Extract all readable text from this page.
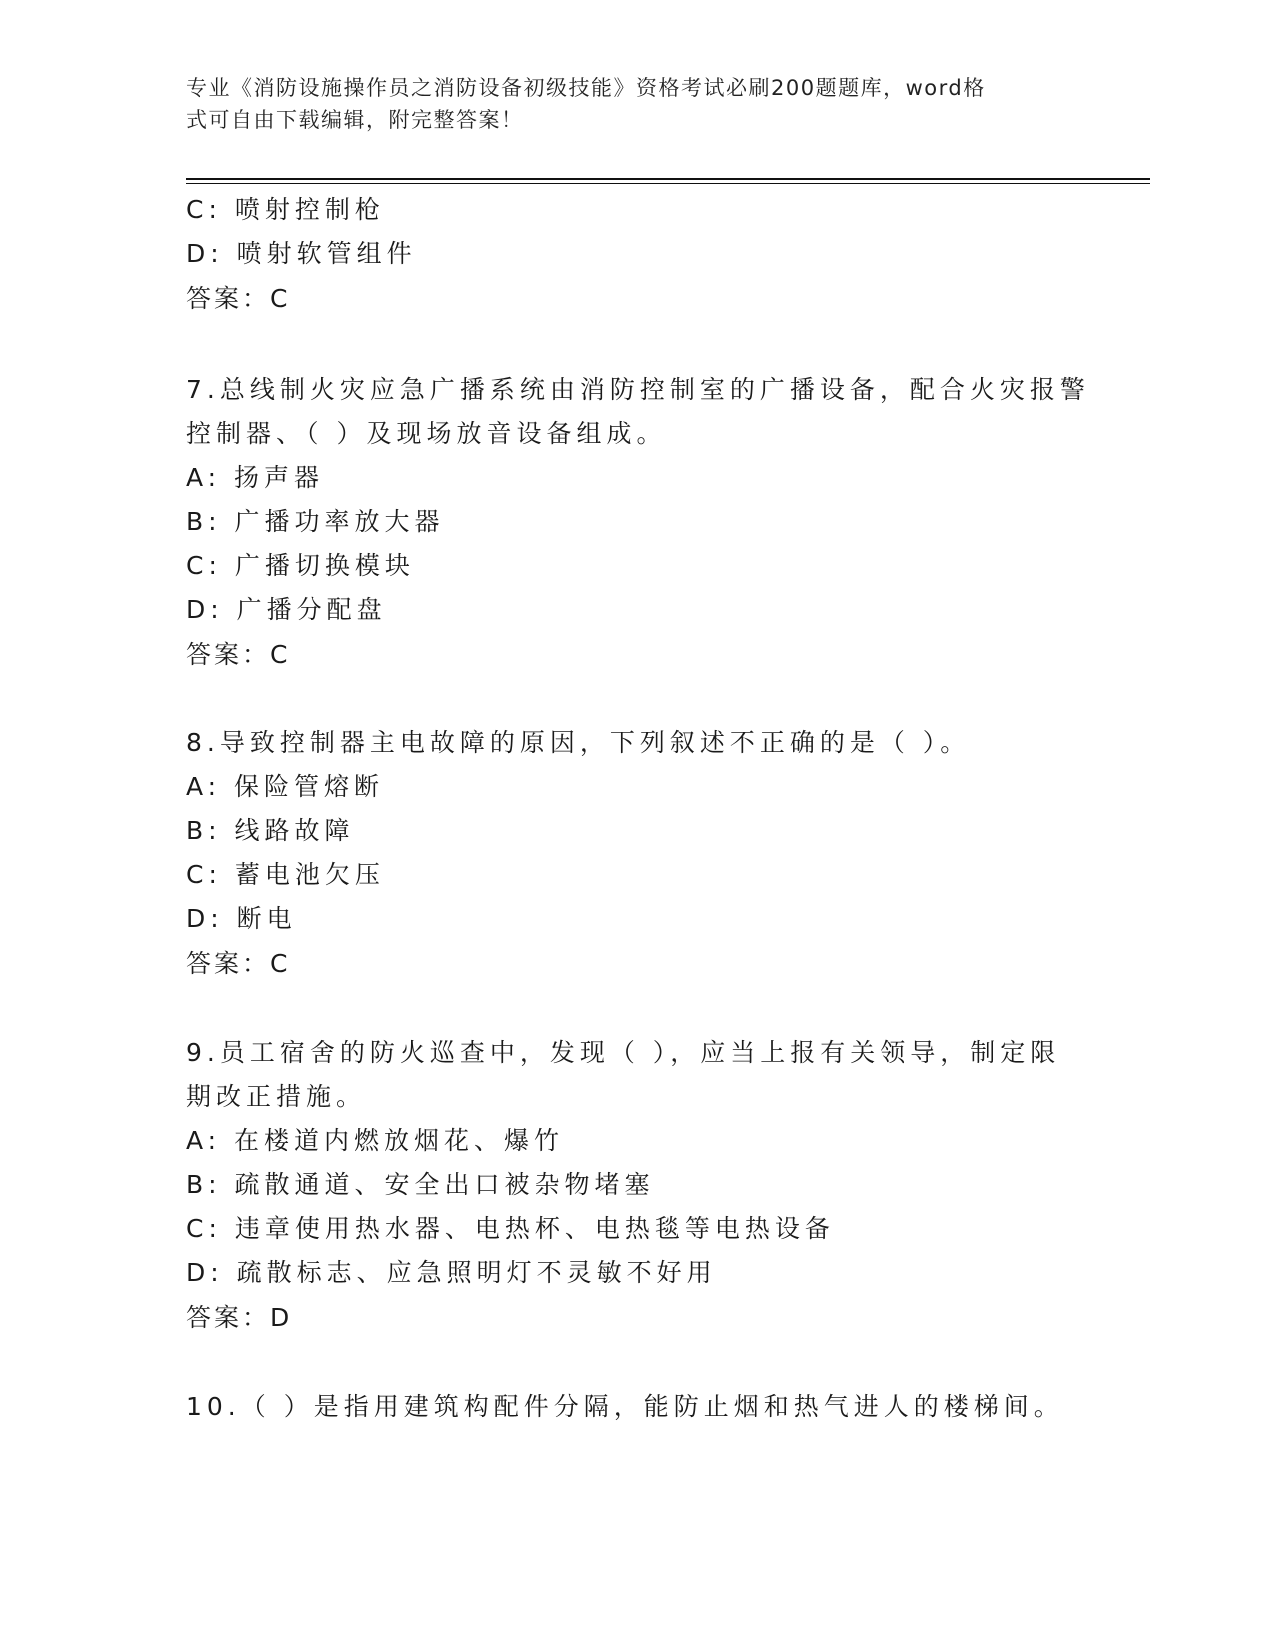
专业《消防设施操作员之消防设备初级技能》资格考试必刷200题题库，word格
式可自由下载编辑，附完整答案！
C: 喷射控制枪
D: 喷射软管组件
答案：C
7.总线制火灾应急广播系统由消防控制室的广播设备，配合火灾报警
控制器、（ ）及现场放音设备组成。
A: 扬声器
B: 广播功率放大器
C: 广播切换模块
D: 广播分配盘
答案：C
8.导致控制器主电故障的原因，下列叙述不正确的是（ ）。
A: 保险管熔断
B: 线路故障
C: 蓄电池欠压
D: 断电
答案：C
9.员工宿舍的防火巡查中，发现（ ），应当上报有关领导，制定限
期改正措施。
A: 在楼道内燃放烟花、爆竹
B: 疏散通道、安全出口被杂物堵塞
C: 违章使用热水器、电热杯、电热毯等电热设备
D: 疏散标志、应急照明灯不灵敏不好用
答案：D
10.（ ）是指用建筑构配件分隔，能防止烟和热气进人的楼梯间。
